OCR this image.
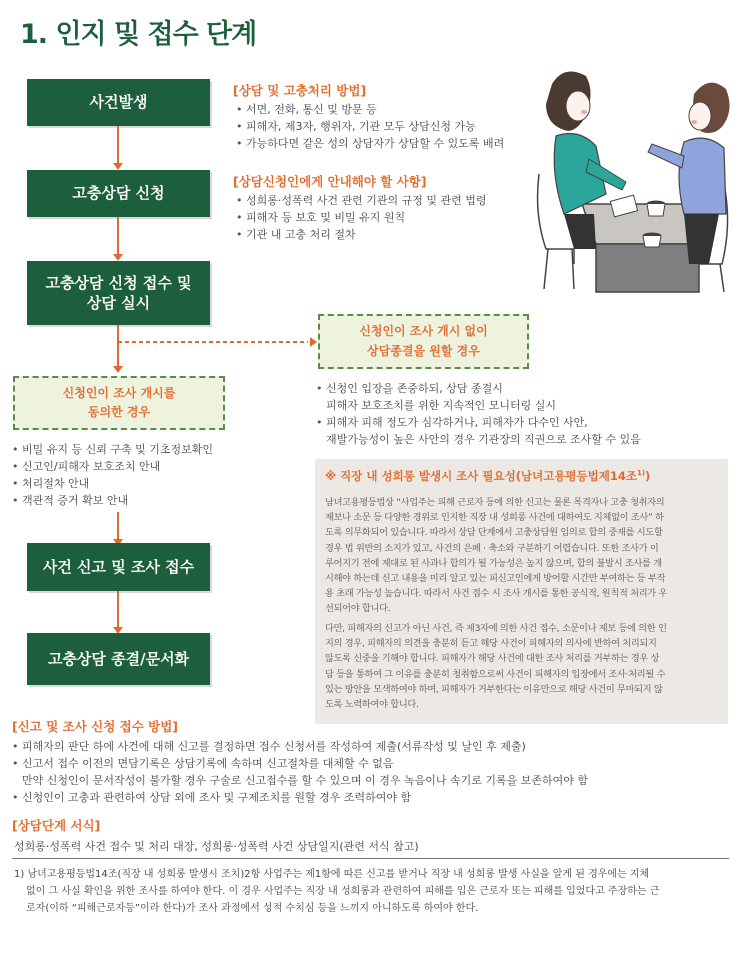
1. 인지 및 접수 단계
사건발생
고충상담 신청
고충상담 신청 접수 및
상담 실시
신청인이 조사 개시를
동의한 경우
신청인이 조사 개시 없이
상담종결을 원할 경우
• 비밀 유지 등 신뢰 구축 및 기초정보확인
• 신고인/피해자 보호조치 안내
• 처리절차 안내
• 객관적 증거 확보 안내
사건 신고 및 조사 접수
고충상담 종결/문서화
[상담 및 고충처리 방법]
• 서면, 전화, 통신 및 방문 등
• 피해자, 제3자, 행위자, 기관 모두 상담신청 가능
• 가능하다면 같은 성의 상담자가 상담할 수 있도록 배려
[상담신청인에게 안내해야 할 사항]
• 성희롱·성폭력 사건 관련 기관의 규정 및 관련 법령
• 피해자 등 보호 및 비밀 유지 원칙
• 기관 내 고충 처리 절차
• 신청인 입장을 존중하되, 상담 종결시
피해자 보호조치를 위한 지속적인 모니터링 실시
• 피해자 피해 정도가 심각하거나, 피해자가 다수인 사안,
재발가능성이 높은 사안의 경우 기관장의 직권으로 조사할 수 있음
※ 직장 내 성희롱 발생시 조사 필요성(남녀고용평등법제14조$^{1)}$)
남녀고용평등법상 “사업주는 피해 근로자 등에 의한 신고는 물론 목격자나 고충 청취자의
제보나 소문 등 다양한 경위로 인지한 직장 내 성희롱 사건에 대하여도 지체없이 조사” 하
도록 의무화되어 있습니다. 따라서 상담 단계에서 고충상담원 임의로 합의 중재를 시도할
경우 법 위반의 소지가 있고, 사건의 은폐 · 축소와 구분하기 어렵습니다. 또한 조사가 이
루어지기 전에 제대로 된 사과나 합의가 될 가능성은 높지 않으며, 합의 불발시 조사를 개
시해야 하는데 신고 내용을 미리 알고 있는 피신고인에게 방어할 시간만 부여하는 등 부작
용 초래 가능성 높습니다. 따라서 사건 접수 시 조사 개시를 통한 공식적, 원칙적 처리가 우
선되어야 합니다.
다만, 피해자의 신고가 아닌 사건, 즉 제3자에 의한 사건 접수, 소문이나 제보 등에 의한 인
지의 경우, 피해자의 의견을 충분히 듣고 해당 사건이 피해자의 의사에 반하여 처리되지
않도록 신중을 기해야 합니다. 피해자가 해당 사건에 대한 조사 처리를 거부하는 경우 상
담 등을 통하여 그 이유를 충분히 청취함으로써 사건이 피해자의 입장에서 조사·처리될 수
있는 방안을 모색하여야 하며, 피해자가 거부한다는 이유만으로 해당 사건이 무마되지 않
도록 노력하여야 합니다.
[신고 및 조사 신청 접수 방법]
• 피해자의 판단 하에 사건에 대해 신고를 결정하면 접수 신청서를 작성하여 제출(서류작성 및 날인 후 제출)
• 신고서 접수 이전의 면담기록은 상담기록에 속하며 신고절차를 대체할 수 없음
만약 신청인이 문서작성이 불가할 경우 구술로 신고접수를 할 수 있으며 이 경우 녹음이나 속기로 기록을 보존하여야 함
• 신청인이 고충과 관련하여 상담 외에 조사 및 구제조치를 원할 경우 조력하여야 함
[상담단계 서식]
성희롱·성폭력 사건 접수 및 처리 대장, 성희롱·성폭력 사건 상담일지(관련 서식 참고)
1) 남녀고용평등법14조(직장 내 성희롱 발생시 조치)2항 사업주는 제1항에 따른 신고를 받거나 직장 내 성희롱 발생 사실을 알게 된 경우에는 지체
없이 그 사실 확인을 위한 조사를 하여야 한다. 이 경우 사업주는 직장 내 성희롱과 관련하여 피해를 입은 근로자 또는 피해를 입었다고 주장하는 근
로자(이하 “피해근로자등”이라 한다)가 조사 과정에서 성적 수치심 등을 느끼지 아니하도록 하여야 한다.
